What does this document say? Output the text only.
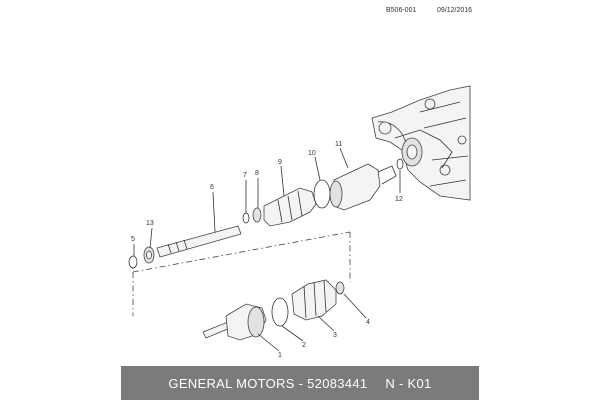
B506-001	09/12/2016
1
2
3
4
5
6
7 8
9
10
11
12
13
GENERAL MOTORS - 52083441 N - K01
